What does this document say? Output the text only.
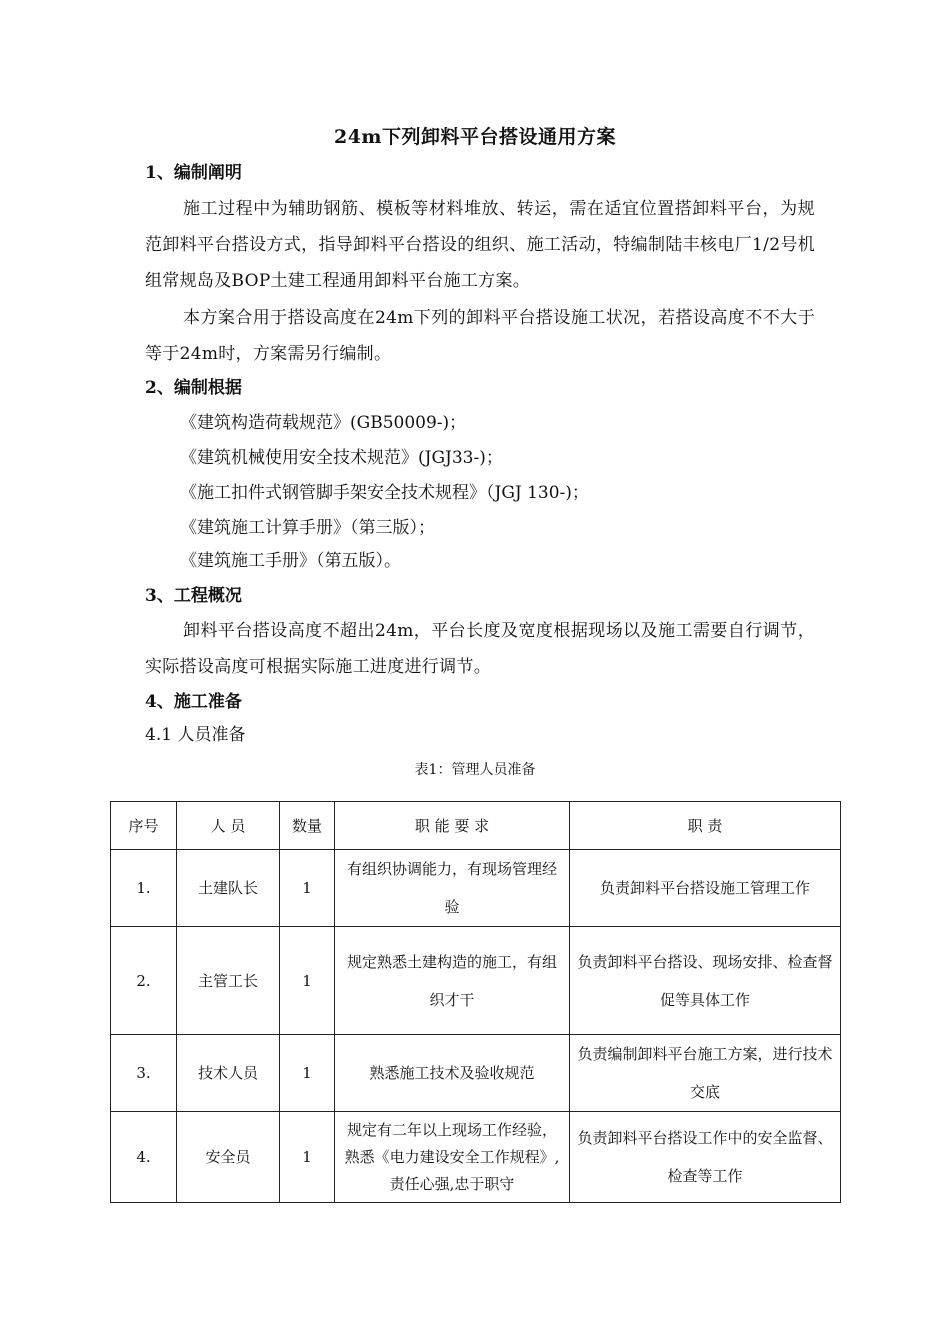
24m下列卸料平台搭设通用方案
1、编制阐明
施工过程中为辅助钢筋、模板等材料堆放、转运，需在适宜位置搭卸料平台，为规范卸料平台搭设方式，指导卸料平台搭设的组织、施工活动，特编制陆丰核电厂1/2号机组常规岛及BOP土建工程通用卸料平台施工方案。
本方案合用于搭设高度在24m下列的卸料平台搭设施工状况，若搭设高度不不大于等于24m时，方案需另行编制。
2、编制根据
《建筑构造荷载规范》(GB50009-)；
《建筑机械使用安全技术规范》(JGJ33-)；
《施工扣件式钢管脚手架安全技术规程》（JGJ 130-)；
《建筑施工计算手册》（第三版）；
《建筑施工手册》（第五版）。
3、工程概况
卸料平台搭设高度不超出24m，平台长度及宽度根据现场以及施工需要自行调节，实际搭设高度可根据实际施工进度进行调节。
4、施工准备
4.1 人员准备
表1：管理人员准备
序号	人 员	数量	职 能 要 求	职 责
1.	土建队长	1	有组织协调能力，有现场管理经验	负责卸料平台搭设施工管理工作
2.	主管工长	1	规定熟悉土建构造的施工，有组织才干	负责卸料平台搭设、现场安排、检查督促等具体工作
3.	技术人员	1	熟悉施工技术及验收规范	负责编制卸料平台施工方案，进行技术交底
4.	安全员	1	规定有二年以上现场工作经验，熟悉《电力建设安全工作规程》,责任心强,忠于职守	负责卸料平台搭设工作中的安全监督、检查等工作
